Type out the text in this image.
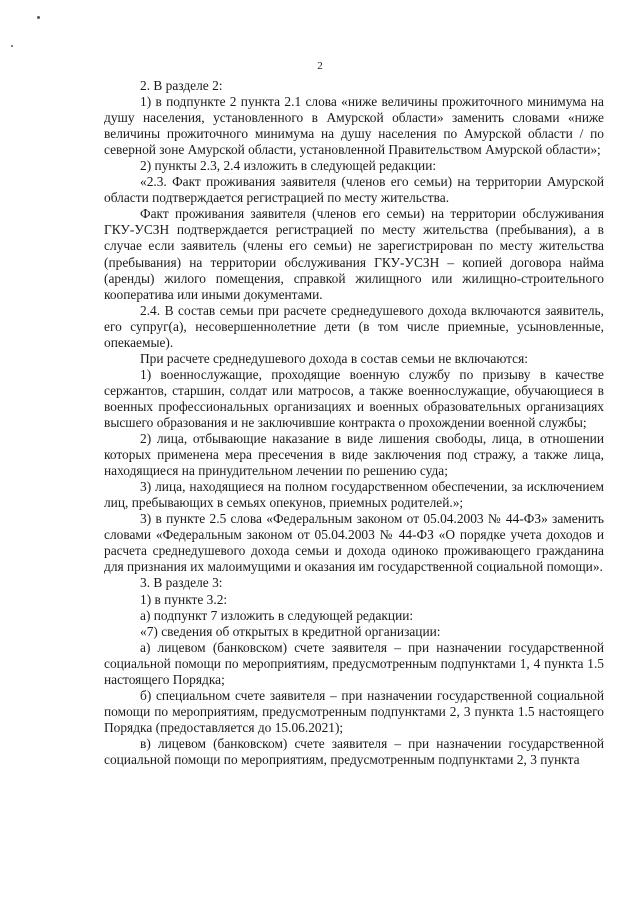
2

2. В разделе 2:

1) в подпункте 2 пункта 2.1 слова «ниже величины прожиточного минимума на душу населения, установленного в Амурской области» заменить словами «ниже величины прожиточного минимума на душу населения по Амурской области / по северной зоне Амурской области, установленной Правительством Амурской области»;

2) пункты 2.3, 2.4 изложить в следующей редакции:

«2.3. Факт проживания заявителя (членов его семьи) на территории Амурской области подтверждается регистрацией по месту жительства.

Факт проживания заявителя (членов его семьи) на территории обслуживания ГКУ-УСЗН подтверждается регистрацией по месту жительства (пребывания), а в случае если заявитель (члены его семьи) не зарегистрирован по месту жительства (пребывания) на территории обслуживания ГКУ-УСЗН – копией договора найма (аренды) жилого помещения, справкой жилищного или жилищно-строительного кооператива или иными документами.

2.4. В состав семьи при расчете среднедушевого дохода включаются заявитель, его супруг(а), несовершеннолетние дети (в том числе приемные, усыновленные, опекаемые).

При расчете среднедушевого дохода в состав семьи не включаются:

1) военнослужащие, проходящие военную службу по призыву в качестве сержантов, старшин, солдат или матросов, а также военнослужащие, обучающиеся в военных профессиональных организациях и военных образовательных организациях высшего образования и не заключившие контракта о прохождении военной службы;

2) лица, отбывающие наказание в виде лишения свободы, лица, в отношении которых применена мера пресечения в виде заключения под стражу, а также лица, находящиеся на принудительном лечении по решению суда;

3) лица, находящиеся на полном государственном обеспечении, за исключением лиц, пребывающих в семьях опекунов, приемных родителей.»;

3) в пункте 2.5 слова «Федеральным законом от 05.04.2003 № 44-ФЗ» заменить словами «Федеральным законом от 05.04.2003 № 44-ФЗ «О порядке учета доходов и расчета среднедушевого дохода семьи и дохода одиноко проживающего гражданина для признания их малоимущими и оказания им государственной социальной помощи».

3. В разделе 3:

1) в пункте 3.2:

а) подпункт 7 изложить в следующей редакции:

«7) сведения об открытых в кредитной организации:

а) лицевом (банковском) счете заявителя – при назначении государственной социальной помощи по мероприятиям, предусмотренным подпунктами 1, 4 пункта 1.5 настоящего Порядка;

б) специальном счете заявителя – при назначении государственной социальной помощи по мероприятиям, предусмотренным подпунктами 2, 3 пункта 1.5 настоящего Порядка (предоставляется до 15.06.2021);

в) лицевом (банковском) счете заявителя – при назначении государственной социальной помощи по мероприятиям, предусмотренным подпунктами 2, 3 пункта
